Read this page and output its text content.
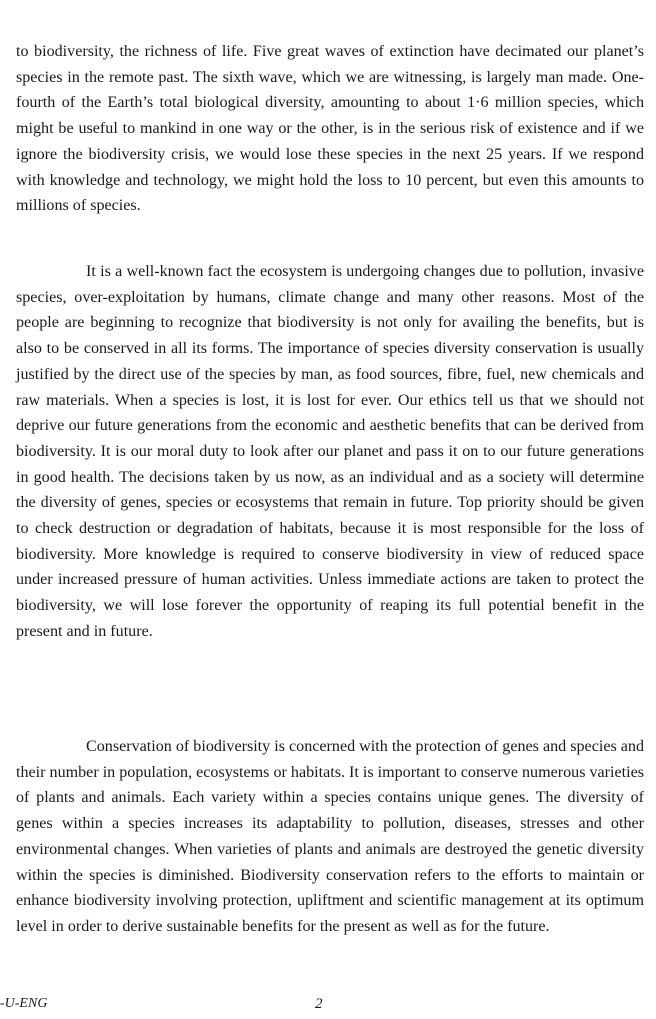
to biodiversity, the richness of life. Five great waves of extinction have decimated our planet’s species in the remote past. The sixth wave, which we are witnessing, is largely man made. One-fourth of the Earth’s total biological diversity, amounting to about 1·6 million species, which might be useful to mankind in one way or the other, is in the serious risk of existence and if we ignore the biodiversity crisis, we would lose these species in the next 25 years. If we respond with knowledge and technology, we might hold the loss to 10 percent, but even this amounts to millions of species.

It is a well-known fact the ecosystem is undergoing changes due to pollution, invasive species, over-exploitation by humans, climate change and many other reasons. Most of the people are beginning to recognize that biodiversity is not only for availing the benefits, but is also to be conserved in all its forms. The importance of species diversity conservation is usually justified by the direct use of the species by man, as food sources, fibre, fuel, new chemicals and raw materials. When a species is lost, it is lost for ever. Our ethics tell us that we should not deprive our future generations from the economic and aesthetic benefits that can be derived from biodiversity. It is our moral duty to look after our planet and pass it on to our future generations in good health. The decisions taken by us now, as an individual and as a society will determine the diversity of genes, species or ecosystems that remain in future. Top priority should be given to check destruction or degradation of habitats, because it is most responsible for the loss of biodiversity. More knowledge is required to conserve biodiversity in view of reduced space under increased pressure of human activities. Unless immediate actions are taken to protect the biodiversity, we will lose forever the opportunity of reaping its full potential benefit in the present and in future.

Conservation of biodiversity is concerned with the protection of genes and species and their number in population, ecosystems or habitats. It is important to conserve numerous varieties of plants and animals. Each variety within a species contains unique genes. The diversity of genes within a species increases its adaptability to pollution, diseases, stresses and other environmental changes. When varieties of plants and animals are destroyed the genetic diversity within the species is diminished. Biodiversity conservation refers to the efforts to maintain or enhance biodiversity involving protection, upliftment and scientific management at its optimum level in order to derive sustainable benefits for the present as well as for the future.

-U-ENG	2
